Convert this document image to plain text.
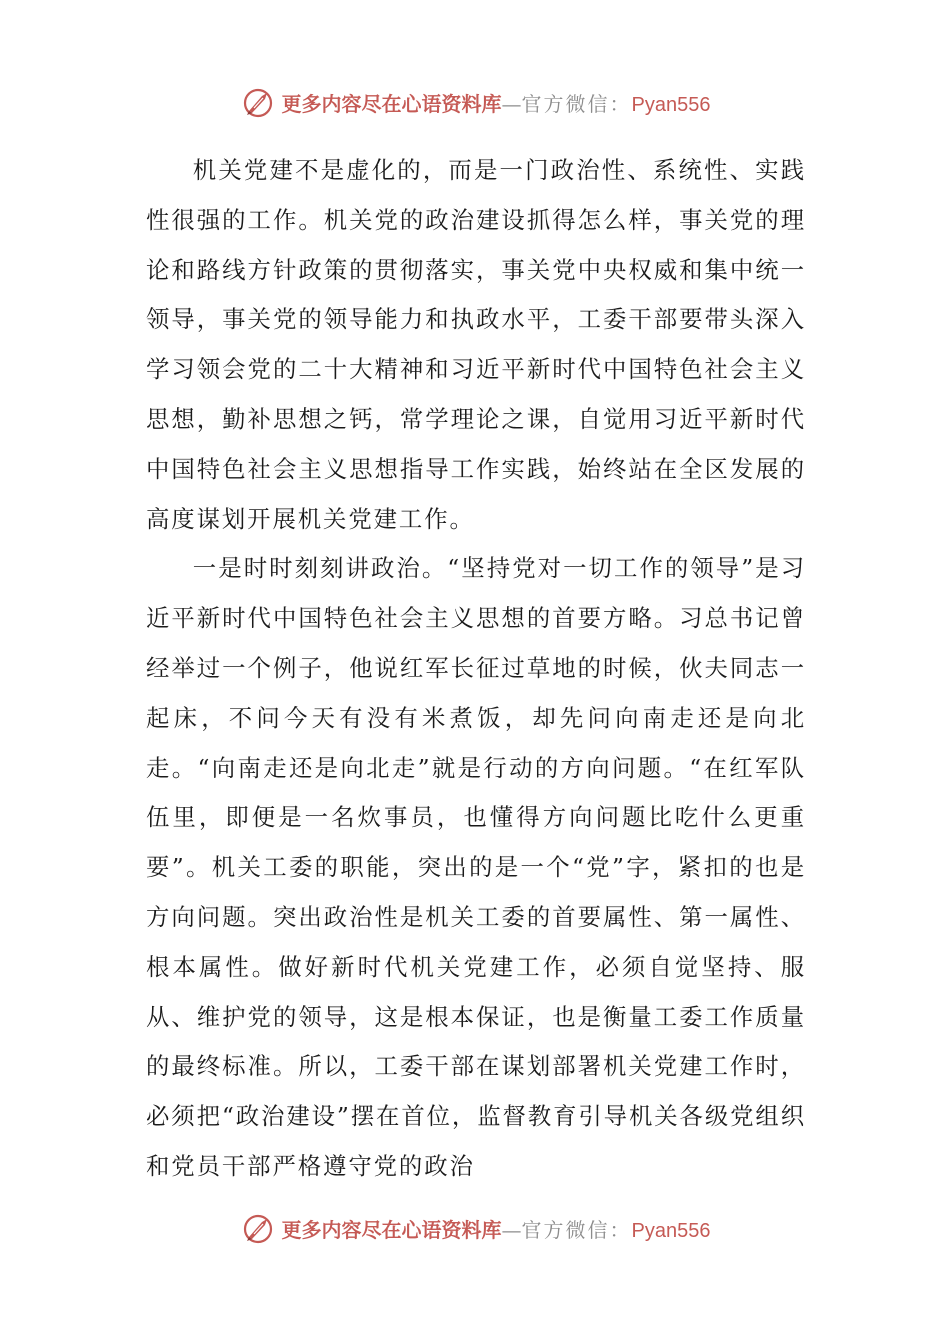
更多内容尽在心语资料库 — 官方微信： Pyan556

机关党建不是虚化的，而是一门政治性、系统性、实践性很强的工作。机关党的政治建设抓得怎么样，事关党的理论和路线方针政策的贯彻落实，事关党中央权威和集中统一领导，事关党的领导能力和执政水平，工委干部要带头深入学习领会党的二十大精神和习近平新时代中国特色社会主义思想，勤补思想之钙，常学理论之课，自觉用习近平新时代中国特色社会主义思想指导工作实践，始终站在全区发展的高度谋划开展机关党建工作。

一是时时刻刻讲政治。“坚持党对一切工作的领导”是习近平新时代中国特色社会主义思想的首要方略。习总书记曾经举过一个例子，他说红军长征过草地的时候，伙夫同志一起床，不问今天有没有米煮饭，却先问向南走还是向北走。“向南走还是向北走”就是行动的方向问题。“在红军队伍里，即便是一名炊事员，也懂得方向问题比吃什么更重要”。机关工委的职能，突出的是一个“党”字，紧扣的也是方向问题。突出政治性是机关工委的首要属性、第一属性、根本属性。做好新时代机关党建工作，必须自觉坚持、服从、维护党的领导，这是根本保证，也是衡量工委工作质量的最终标准。所以，工委干部在谋划部署机关党建工作时，必须把“政治建设”摆在首位，监督教育引导机关各级党组织和党员干部严格遵守党的政治

更多内容尽在心语资料库 — 官方微信： Pyan556
